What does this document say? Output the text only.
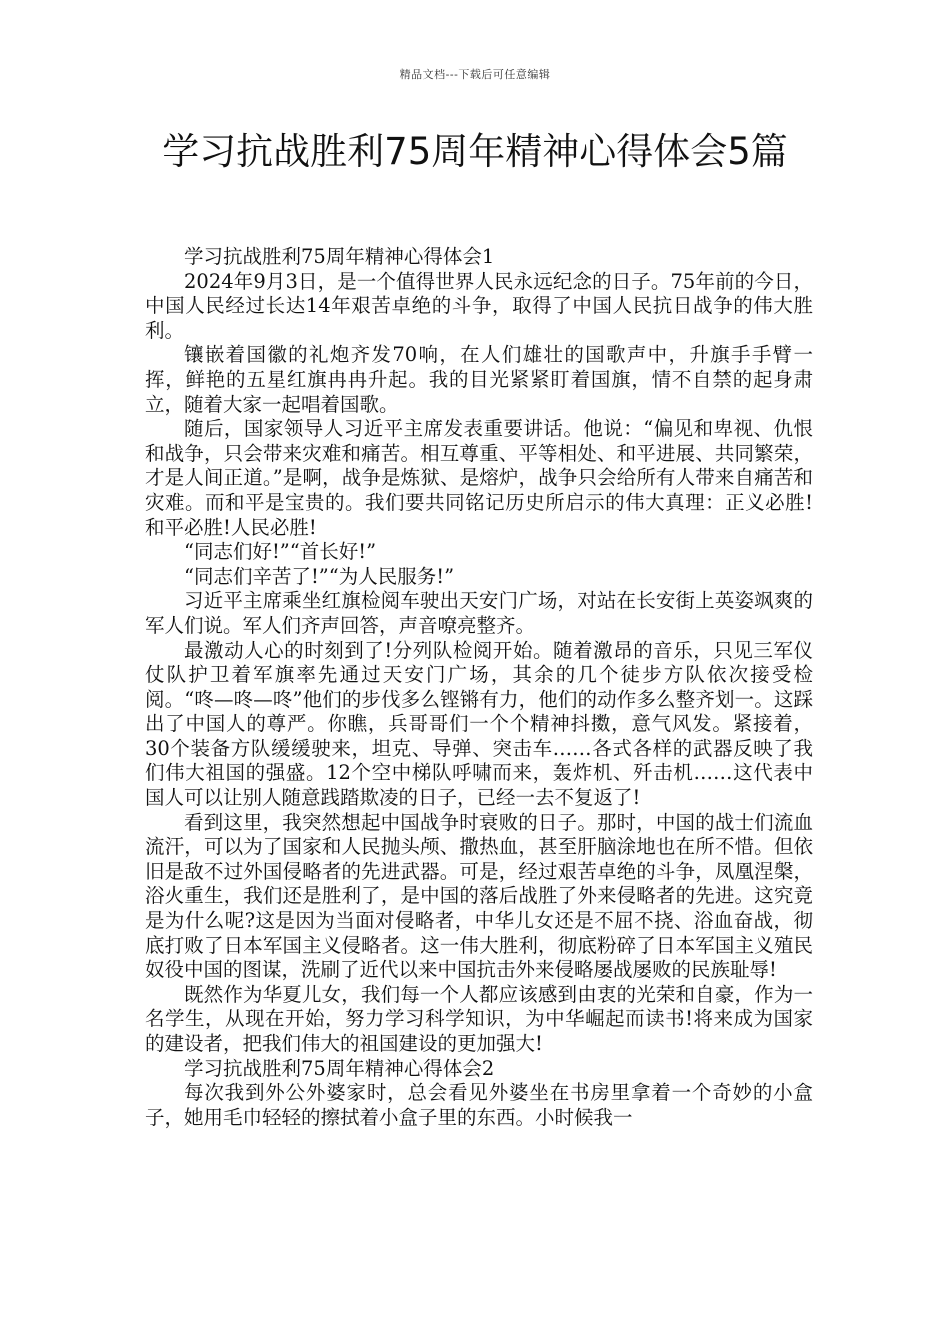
精品文档---下载后可任意编辑
学习抗战胜利75周年精神心得体会5篇

学习抗战胜利75周年精神心得体会1

2024年9月3日，是一个值得世界人民永远纪念的日子。75年前的今日，中国人民经过长达14年艰苦卓绝的斗争，取得了中国人民抗日战争的伟大胜利。

镶嵌着国徽的礼炮齐发70响，在人们雄壮的国歌声中，升旗手手臂一挥，鲜艳的五星红旗冉冉升起。我的目光紧紧盯着国旗，情不自禁的起身肃立，随着大家一起唱着国歌。

随后，国家领导人习近平主席发表重要讲话。他说：“偏见和卑视、仇恨和战争，只会带来灾难和痛苦。相互尊重、平等相处、和平进展、共同繁荣，才是人间正道。”是啊，战争是炼狱、是熔炉，战争只会给所有人带来自痛苦和灾难。而和平是宝贵的。我们要共同铭记历史所启示的伟大真理：正义必胜!和平必胜!人民必胜!

“同志们好!”“首长好!”

“同志们辛苦了!”“为人民服务!”

习近平主席乘坐红旗检阅车驶出天安门广场，对站在长安街上英姿飒爽的军人们说。军人们齐声回答，声音嘹亮整齐。

最激动人心的时刻到了!分列队检阅开始。随着激昂的音乐，只见三军仪仗队护卫着军旗率先通过天安门广场，其余的几个徒步方队依次接受检阅。“咚—咚—咚”他们的步伐多么铿锵有力，他们的动作多么整齐划一。这踩出了中国人的尊严。你瞧，兵哥哥们一个个精神抖擞，意气风发。紧接着，30个装备方队缓缓驶来，坦克、导弹、突击车……各式各样的武器反映了我们伟大祖国的强盛。12个空中梯队呼啸而来，轰炸机、歼击机……这代表中国人可以让别人随意践踏欺凌的日子，已经一去不复返了!

看到这里，我突然想起中国战争时衰败的日子。那时，中国的战士们流血流汗，可以为了国家和人民抛头颅、撒热血，甚至肝脑涂地也在所不惜。但依旧是敌不过外国侵略者的先进武器。可是，经过艰苦卓绝的斗争，凤凰涅槃，浴火重生，我们还是胜利了，是中国的落后战胜了外来侵略者的先进。这究竟是为什么呢?这是因为当面对侵略者，中华儿女还是不屈不挠、浴血奋战，彻底打败了日本军国主义侵略者。这一伟大胜利，彻底粉碎了日本军国主义殖民奴役中国的图谋，洗刷了近代以来中国抗击外来侵略屡战屡败的民族耻辱!

既然作为华夏儿女，我们每一个人都应该感到由衷的光荣和自豪，作为一名学生，从现在开始，努力学习科学知识，为中华崛起而读书!将来成为国家的建设者，把我们伟大的祖国建设的更加强大!

学习抗战胜利75周年精神心得体会2

每次我到外公外婆家时，总会看见外婆坐在书房里拿着一个奇妙的小盒子，她用毛巾轻轻的擦拭着小盒子里的东西。小时候我一
